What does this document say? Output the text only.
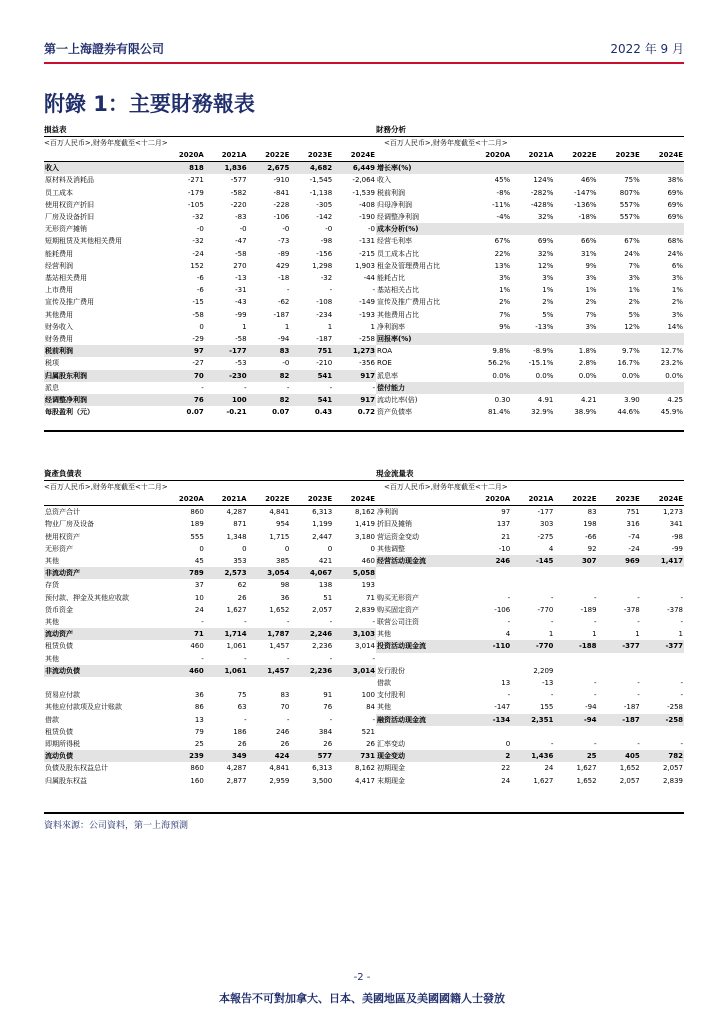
第一上海證券有限公司	2022 年 9 月
附錄 1：主要財務報表
損益表
<百万人民币>,财务年度截至<十二月>
	2020A	2021A	2022E	2023E	2024E
收入	818	1,836	2,675	4,682	6,449
原材料及消耗品	-271	-577	-910	-1,545	-2,064
员工成本	-179	-582	-841	-1,138	-1,539
使用权资产折旧	-105	-220	-228	-305	-408
厂房及设备折旧	-32	-83	-106	-142	-190
无形资产摊销	-0	-0	-0	-0	-0
短期租赁及其他相关费用	-32	-47	-73	-98	-131
能耗费用	-24	-58	-89	-156	-215
经营利润	152	270	429	1,298	1,903
基站相关费用	-6	-13	-18	-32	-44
上市费用	-6	-31	-	-	-
宣传及推广费用	-15	-43	-62	-108	-149
其他费用	-58	-99	-187	-234	-193
财务收入	0	1	1	1	1
财务费用	-29	-58	-94	-187	-258
税前利润	97	-177	83	751	1,273
税项	-27	-53	-0	-210	-356
归属股东利润	70	-230	82	541	917
派息	-	-	-	-	-
经调整净利润	76	100	82	541	917
每股盈利（元）	0.07	-0.21	0.07	0.43	0.72
財務分析
<百万人民币>,财务年度截至<十二月>
	2020A	2021A	2022E	2023E	2024E
增长率(%)					
收入	45%	124%	46%	75%	38%
税前利润	-8%	-282%	-147%	807%	69%
归母净利润	-11%	-428%	-136%	557%	69%
经调整净利润	-4%	32%	-18%	557%	69%
成本分析(%)					
经营毛利率	67%	69%	66%	67%	68%
员工成本占比	22%	32%	31%	24%	24%
租金及管理费用占比	13%	12%	9%	7%	6%
能耗占比	3%	3%	3%	3%	3%
基站相关占比	1%	1%	1%	1%	1%
宣传及推广费用占比	2%	2%	2%	2%	2%
其他费用占比	7%	5%	7%	5%	3%
净利润率	9%	-13%	3%	12%	14%
回报率(%)					
ROA	9.8%	-8.9%	1.8%	9.7%	12.7%
ROE	56.2%	-15.1%	2.8%	16.7%	23.2%
派息率	0.0%	0.0%	0.0%	0.0%	0.0%
偿付能力					
流动比率(倍)	0.30	4.91	4.21	3.90	4.25
资产负债率	81.4%	32.9%	38.9%	44.6%	45.9%
資產負債表
<百万人民币>,财务年度截至<十二月>
	2020A	2021A	2022E	2023E	2024E
总资产合计	860	4,287	4,841	6,313	8,162
物业厂房及设备	189	871	954	1,199	1,419
使用权资产	555	1,348	1,715	2,447	3,180
无形资产	0	0	0	0	0
其他	45	353	385	421	460
非流动资产	789	2,573	3,054	4,067	5,058
存货	37	62	98	138	193
预付款、押金及其他应收款	10	26	36	51	71
货币资金	24	1,627	1,652	2,057	2,839
其他	-	-	-	-	-
流动资产	71	1,714	1,787	2,246	3,103
租赁负债	460	1,061	1,457	2,236	3,014
其他	-	-	-	-	-
非流动负债	460	1,061	1,457	2,236	3,014

贸易应付款	36	75	83	91	100
其他应付款项及应计账款	86	63	70	76	84
借款	13	-	-	-	-
租赁负债	79	186	246	384	521
即期所得税	25	26	26	26	26
流动负债	239	349	424	577	731
负债及股东权益总计	860	4,287	4,841	6,313	8,162
归属股东权益	160	2,877	2,959	3,500	4,417
現金流量表
<百万人民币>,财务年度截至<十二月>
	2020A	2021A	2022E	2023E	2024E
净利润	97	-177	83	751	1,273
折旧及摊销	137	303	198	316	341
营运资金变动	21	-275	-66	-74	-98
其他调整	-10	4	92	-24	-99
经营活动现金流	246	-145	307	969	1,417

购买无形资产	-	-	-	-	-
购买固定资产	-106	-770	-189	-378	-378
联营公司注资	-	-	-	-	-
其他	4	1	1	1	1
投资活动现金流	-110	-770	-188	-377	-377

发行股份		2,209			
借款	13	-13	-	-	-
支付股利	-	-	-	-	-
其他	-147	155	-94	-187	-258
融资活动现金流	-134	2,351	-94	-187	-258

汇率变动	0	-	-	-	-
现金变动	2	1,436	25	405	782
初期现金	22	24	1,627	1,652	2,057
末期现金	24	1,627	1,652	2,057	2,839
資料來源：公司資料，第一上海預測
-2 -
本報告不可對加拿大、日本、美國地區及美國國籍人士發放
